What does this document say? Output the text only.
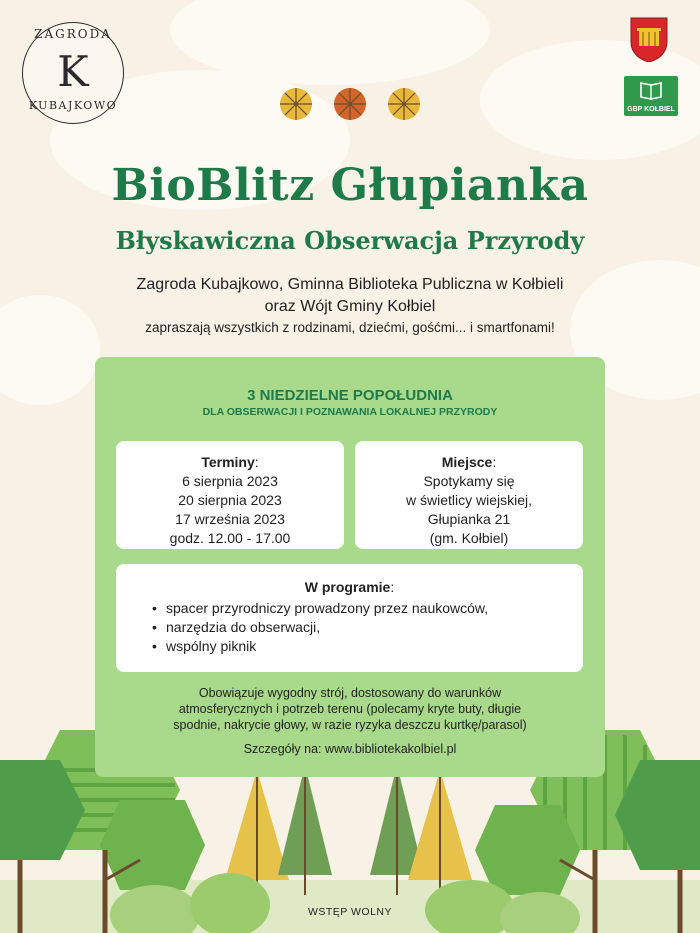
ZAGRODA
K
KUBAJKOWO	GBP KOŁBIEL
BioBlitz Głupianka
Błyskawiczna Obserwacja Przyrody
Zagroda Kubajkowo, Gminna Biblioteka Publiczna w Kołbieli
oraz Wójt Gminy Kołbiel
zapraszają wszystkich z rodzinami, dziećmi, gośćmi... i smartfonami!
3 NIEDZIELNE POPOŁUDNIA
DLA OBSERWACJI I POZNAWANIA LOKALNEJ PRZYRODY
Terminy:
6 sierpnia 2023
20 sierpnia 2023
17 września 2023
godz. 12.00 - 17.00
Miejsce:
Spotykamy się
w świetlicy wiejskiej,
Głupianka 21
(gm. Kołbiel)
W programie:
• spacer przyrodniczy prowadzony przez naukowców,
• narzędzia do obserwacji,
• wspólny piknik
Obowiązuje wygodny strój, dostosowany do warunków
atmosferycznych i potrzeb terenu (polecamy kryte buty, długie
spodnie, nakrycie głowy, w razie ryzyka deszczu kurtkę/parasol)
Szczegóły na: www.bibliotekakolbiel.pl
WSTĘP WOLNY
